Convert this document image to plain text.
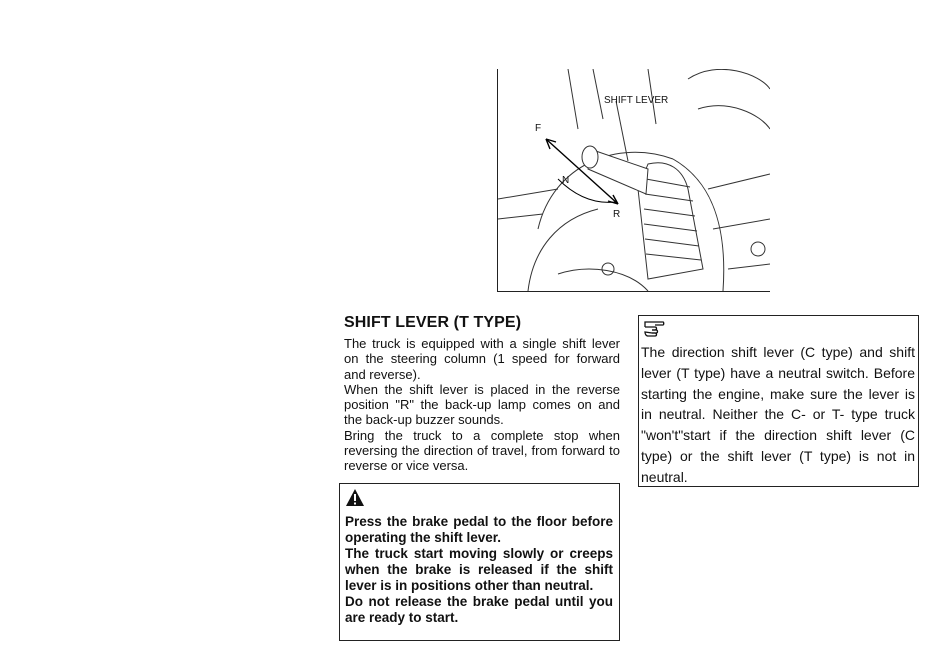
SHIFT LEVER
F
N
R
SHIFT LEVER (T TYPE)

The truck is equipped with a single shift lever on the steering column (1 speed for forward and reverse).

When the shift lever is placed in the reverse position "R" the back-up lamp comes on and the back-up buzzer sounds.

Bring the truck to a complete stop when reversing the direction of travel, from forward to reverse or vice versa.

Press the brake pedal to the floor before operating the shift lever.

The truck start moving slowly or creeps when the brake is released if the shift lever is in positions other than neutral.

Do not release the brake pedal until you are ready to start.

The direction shift lever (C type) and shift lever (T type) have a neutral switch. Before starting the engine, make sure the lever is in neutral. Neither the C- or T- type truck "won't"start if the direction shift lever (C type) or the shift lever (T type) is not in neutral.
